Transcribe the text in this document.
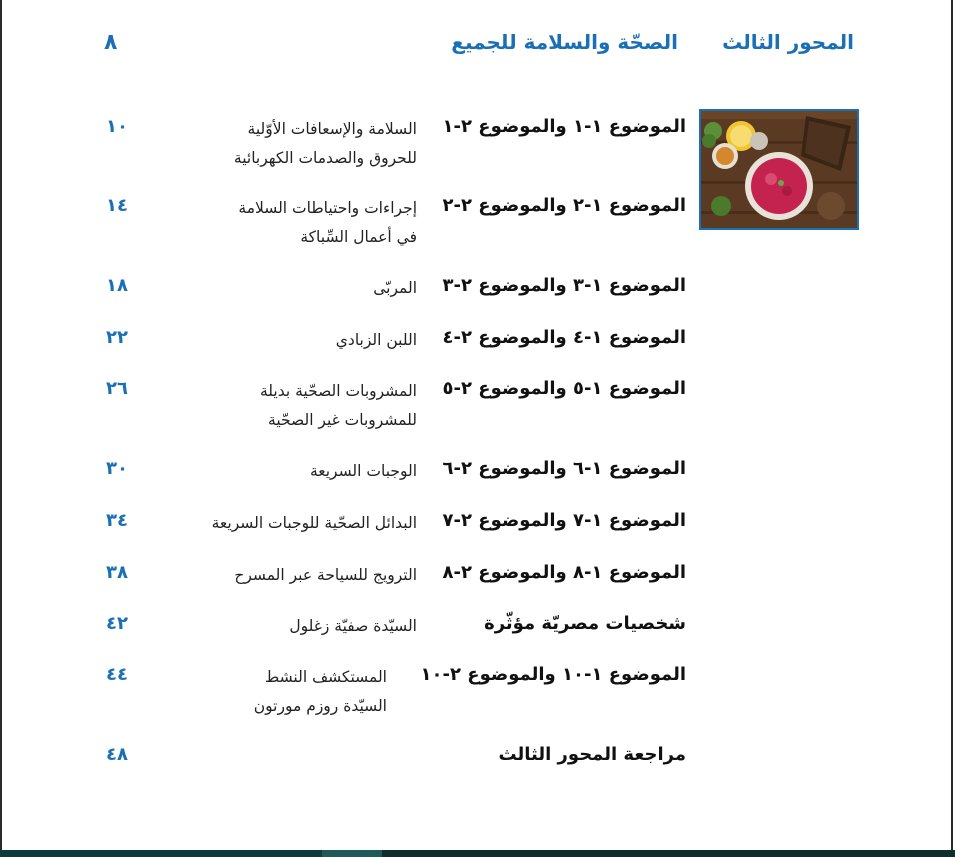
المحور الثالث
الصحّة والسلامة للجميع
٨
الموضوع ١-١ والموضوع ٢-١
السلامة والإسعافات الأوّلية
للحروق والصدمات الكهربائية
١٠
الموضوع ١-٢ والموضوع ٢-٢
إجراءات واحتياطات السلامة
في أعمال السِّباكة
١٤
الموضوع ١-٣ والموضوع ٢-٣
المربّى
١٨
الموضوع ١-٤ والموضوع ٢-٤
اللبن الزبادي
٢٢
الموضوع ١-٥ والموضوع ٢-٥
المشروبات الصحّية بديلة
للمشروبات غير الصحّية
٢٦
الموضوع ١-٦ والموضوع ٢-٦
الوجبات السريعة
٣٠
الموضوع ١-٧ والموضوع ٢-٧
البدائل الصحّية للوجبات السريعة
٣٤
الموضوع ١-٨ والموضوع ٢-٨
الترويج للسياحة عبر المسرح
٣٨
شخصيات مصريّة مؤثّرة
السيّدة صفيّة زغلول
٤٢
الموضوع ١-١٠ والموضوع ٢-١٠
المستكشف النشط
السيّدة روزم مورتون
٤٤
مراجعة المحور الثالث
٤٨
